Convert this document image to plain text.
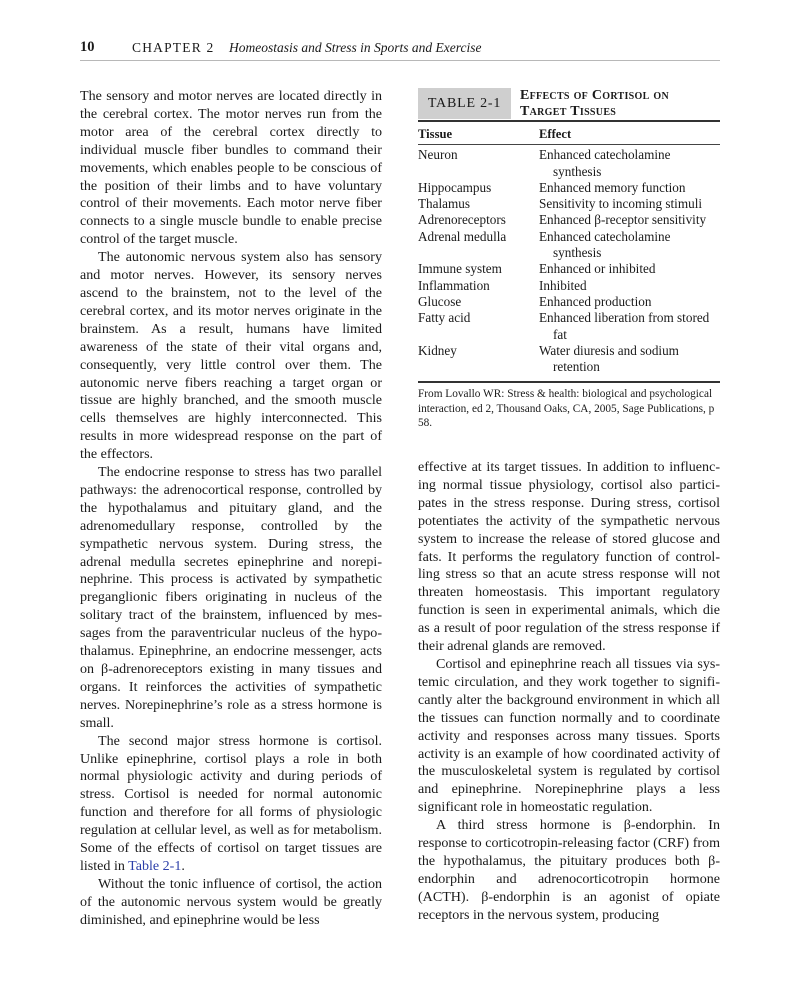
10	CHAPTER 2 Homeostasis and Stress in Sports and Exercise

The sensory and motor nerves are located directly in the cerebral cortex. The motor nerves run from the motor area of the cerebral cortex directly to individual muscle fiber bundles to command their movements, which enables people to be conscious of the position of their limbs and to have voluntary control of their movements. Each motor nerve fiber connects to a single muscle bundle to enable precise control of the target muscle.

The autonomic nervous system also has sensory and motor nerves. However, its sensory nerves ascend to the brainstem, not to the level of the cerebral cortex, and its motor nerves originate in the brainstem. As a result, humans have limited awareness of the state of their vital organs and, consequently, very little control over them. The autonomic nerve fibers reaching a target organ or tissue are highly branched, and the smooth muscle cells themselves are highly interconnected. This results in more widespread response on the part of the effectors.

The endocrine response to stress has two parallel pathways: the adrenocortical response, controlled by the hypothalamus and pituitary gland, and the adrenomedullary response, controlled by the sympathetic nervous system. During stress, the adrenal medulla secretes epinephrine and norepinephrine. This process is activated by sympathetic preganglionic fibers originating in nucleus of the solitary tract of the brainstem, influenced by messages from the paraventricular nucleus of the hypothalamus. Epinephrine, an endocrine messenger, acts on β-adrenoreceptors existing in many tissues and organs. It reinforces the activities of sympathetic nerves. Norepinephrine’s role as a stress hormone is small.

The second major stress hormone is cortisol. Unlike epinephrine, cortisol plays a role in both normal physiologic activity and during periods of stress. Cortisol is needed for normal autonomic function and therefore for all forms of physiologic regulation at cellular level, as well as for metabolism. Some of the effects of cortisol on target tissues are listed in Table 2-1.

Without the tonic influence of cortisol, the action of the autonomic nervous system would be greatly diminished, and epinephrine would be less

TABLE 2-1
Effects of Cortisol on
Target Tissues
Tissue	Effect
Neuron	Enhanced catecholamine synthesis
Hippocampus	Enhanced memory function
Thalamus	Sensitivity to incoming stimuli
Adrenoreceptors	Enhanced β-receptor sensitivity
Adrenal medulla	Enhanced catecholamine synthesis
Immune system	Enhanced or inhibited
Inflammation	Inhibited
Glucose	Enhanced production
Fatty acid	Enhanced liberation from stored fat
Kidney	Water diuresis and sodium retention
From Lovallo WR: Stress & health: biological and psychological interaction, ed 2, Thousand Oaks, CA, 2005, Sage Publications, p 58.

effective at its target tissues. In addition to influencing normal tissue physiology, cortisol also participates in the stress response. During stress, cortisol potentiates the activity of the sympathetic nervous system to increase the release of stored glucose and fats. It performs the regulatory function of controlling stress so that an acute stress response will not threaten homeostasis. This important regulatory function is seen in experimental animals, which die as a result of poor regulation of the stress response if their adrenal glands are removed.

Cortisol and epinephrine reach all tissues via systemic circulation, and they work together to significantly alter the background environment in which all the tissues can function normally and to coordinate activity and responses across many tissues. Sports activity is an example of how coordinated activity of the musculoskeletal system is regulated by cortisol and epinephrine. Norepinephrine plays a less significant role in homeostatic regulation.

A third stress hormone is β-endorphin. In response to corticotropin-releasing factor (CRF) from the hypothalamus, the pituitary produces both β-endorphin and adrenocorticotropin hormone (ACTH). β-endorphin is an agonist of opiate receptors in the nervous system, producing
